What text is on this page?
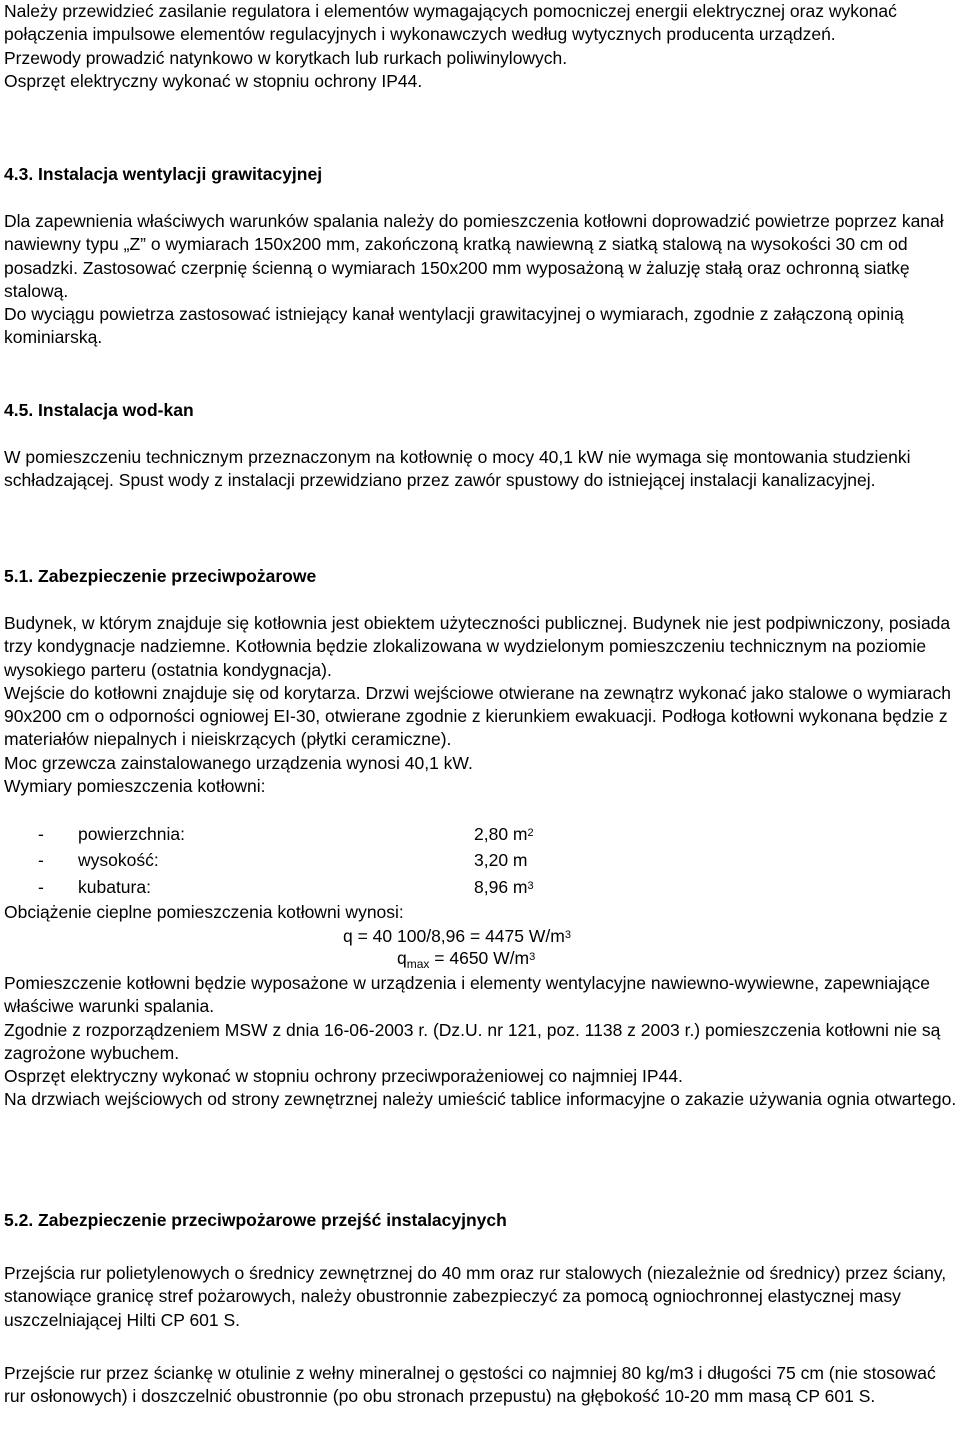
Należy przewidzieć zasilanie regulatora i elementów wymagających pomocniczej energii elektrycznej oraz wykonać połączenia impulsowe elementów regulacyjnych i wykonawczych według wytycznych producenta urządzeń.

Przewody prowadzić natynkowo w korytkach lub rurkach poliwinylowych.

Osprzęt elektryczny wykonać w stopniu ochrony IP44.

4.3. Instalacja wentylacji grawitacyjnej

Dla zapewnienia właściwych warunków spalania należy do pomieszczenia kotłowni doprowadzić powietrze poprzez kanał nawiewny typu „Z” o wymiarach 150x200 mm, zakończoną kratką nawiewną z siatką stalową na wysokości 30 cm od posadzki. Zastosować czerpnię ścienną o wymiarach 150x200 mm wyposażoną w żaluzję stałą oraz ochronną siatkę stalową.

Do wyciągu powietrza zastosować istniejący kanał wentylacji grawitacyjnej o wymiarach, zgodnie z załączoną opinią kominiarską.

4.5. Instalacja wod-kan

W pomieszczeniu technicznym przeznaczonym na kotłownię o mocy 40,1 kW nie wymaga się montowania studzienki schładzającej. Spust wody z instalacji przewidziano przez zawór spustowy do istniejącej instalacji kanalizacyjnej.

5.1. Zabezpieczenie przeciwpożarowe

Budynek, w którym znajduje się kotłownia jest obiektem użyteczności publicznej. Budynek nie jest podpiwniczony, posiada trzy kondygnacje nadziemne. Kotłownia będzie zlokalizowana w wydzielonym pomieszczeniu technicznym na poziomie wysokiego parteru (ostatnia kondygnacja).

Wejście do kotłowni znajduje się od korytarza. Drzwi wejściowe otwierane na zewnątrz wykonać jako stalowe o wymiarach 90x200 cm o odporności ogniowej EI-30, otwierane zgodnie z kierunkiem ewakuacji. Podłoga kotłowni wykonana będzie z materiałów niepalnych i nieiskrzących (płytki ceramiczne).

Moc grzewcza zainstalowanego urządzenia wynosi 40,1 kW.

Wymiary pomieszczenia kotłowni:

- powierzchnia:	2,80 $m^2$
- wysokość:	3,20 m
- kubatura:	8,96 $m^3$
Obciążenie cieplne pomieszczenia kotłowni wynosi:
q = 40 100/8,96 = 4475 $W/m^3$
$q_{max} = 4650$ $W/m^3$

Pomieszczenie kotłowni będzie wyposażone w urządzenia i elementy wentylacyjne nawiewno-wywiewne, zapewniające właściwe warunki spalania.

Zgodnie z rozporządzeniem MSW z dnia 16-06-2003 r. (Dz.U. nr 121, poz. 1138 z 2003 r.) pomieszczenia kotłowni nie są zagrożone wybuchem.

Osprzęt elektryczny wykonać w stopniu ochrony przeciwporażeniowej co najmniej IP44.

Na drzwiach wejściowych od strony zewnętrznej należy umieścić tablice informacyjne o zakazie używania ognia otwartego.

5.2. Zabezpieczenie przeciwpożarowe przejść instalacyjnych

Przejścia rur polietylenowych o średnicy zewnętrznej do 40 mm oraz rur stalowych (niezależnie od średnicy) przez ściany, stanowiące granicę stref pożarowych, należy obustronnie zabezpieczyć za pomocą ogniochronnej elastycznej masy uszczelniającej Hilti CP 601 S.

Przejście rur przez ściankę w otulinie z wełny mineralnej o gęstości co najmniej 80 kg/m3 i długości 75 cm (nie stosować rur osłonowych) i doszczelnić obustronnie (po obu stronach przepustu) na głębokość 10-20 mm masą CP 601 S.
